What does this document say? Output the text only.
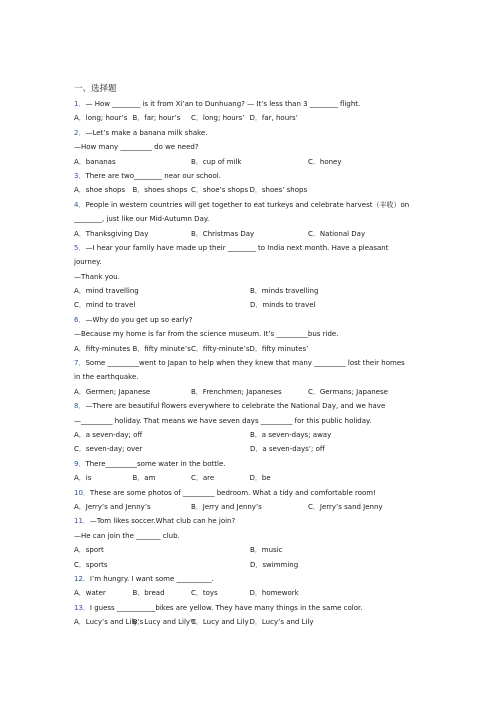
一、选择题
1．— How ________ is it from Xi’an to Dunhuang? — It’s less than 3 ________ flight.
A．long; hour’s B．far; hour’s	C．long; hours’ D．far, hours’
2．—Let’s make a banana milk shake.
—How many _________ do we need?
A．bananas	B．cup of milk	C．honey
3．There are two________ near our school.
A．shoe shops	B．shoes shops C．shoe’s shops D．shoes’ shops
4．People in western countries will get together to eat turkeys and celebrate harvest（丰收）on
________, just like our Mid-Autumn Day.
A．Thanksgiving Day	B．Christmas Day	C．National Day
5．—I hear your family have made up their ________ to India next month. Have a pleasant
journey.
—Thank you.
A．mind travelling	B．minds travelling
C．mind to travel	D．minds to travel
6．—Why do you get up so early?
—Because my home is far from the science museum. It’s _________bus ride.
A．fifty-minutes B．fifty minute’s C．fifty-minute’s D．fifty minutes’
7．Some _________went to Japan to help when they knew that many _________ lost their homes
in the earthquake.
A．Germen; Japanese	B．Frenchmen; Japaneses	C．Germans; Japanese
8．—There are beautiful flowers everywhere to celebrate the National Day, and we have
—_________ holiday. That means we have seven days _________ for this public holiday.
A．a seven-day; off	B．a seven-days; away
C．seven-day; over	D．a seven-days’; off
9．There_________some water in the bottle.
A．is	B．am	C．are	D．be
10．These are some photos of _________ bedroom. What a tidy and comfortable room!
A．Jerry’s and Jenny’s	B．Jerry and Jenny’s	C．Jerry’s sand Jenny
11．—Tom likes soccer.What club can he join?
—He can join the _______ club.
A．sport	B．music
C．sports	D．swimming
12．I’m hungry. I want some __________.
A．water	B．bread	C．toys	D．homework
13．I guess ___________bikes are yellow. They have many things in the same color.
A．Lucy’s and Lily’s
B．Lucy and Lily’s
C．Lucy and Lily D．Lucy’s and Lily
